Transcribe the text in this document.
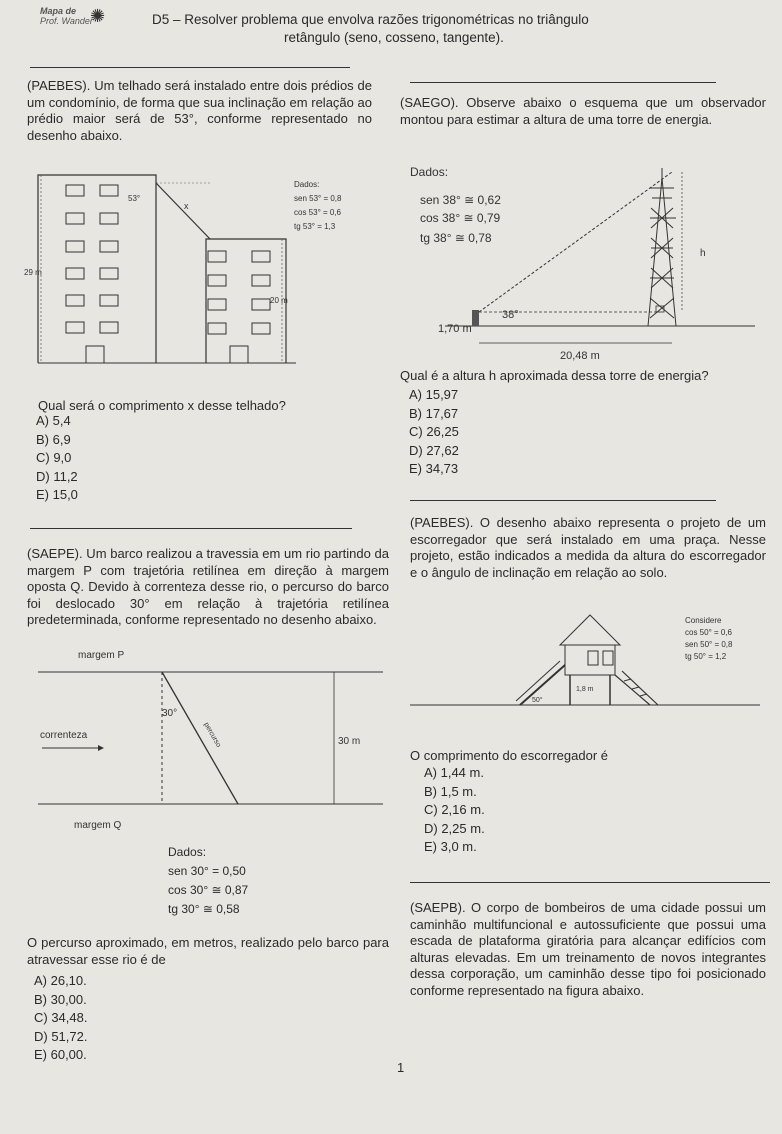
Mapa de
Prof. Wander
✺	D5 – Resolver problema que envolva razões trigonométricas no triângulo
retângulo (seno, cosseno, tangente).
(PAEBES). Um telhado será instalado entre dois prédios de um condomínio, de forma que sua inclinação em relação ao prédio maior será de 53°, conforme representado no desenho abaixo.
53°
x
29 m
20 m
Dados:
sen 53° = 0,8
cos 53° = 0,6
tg 53° = 1,3
Qual será o comprimento x desse telhado?
A) 5,4
B) 6,9
C) 9,0
D) 11,2
E) 15,0
(SAEGO). Observe abaixo o esquema que um observador montou para estimar a altura de uma torre de energia.
Dados:
sen 38° ≅ 0,62
cos 38° ≅ 0,79
tg 38° ≅ 0,78
h
38°
1,70 m
20,48 m
Qual é a altura h aproximada dessa torre de energia?
A) 15,97
B) 17,67
C) 26,25
D) 27,62
E) 34,73
(SAEPE). Um barco realizou a travessia em um rio partindo da margem P com trajetória retilínea em direção à margem oposta Q. Devido à correnteza desse rio, o percurso do barco foi deslocado 30° em relação à trajetória retilínea predeterminada, conforme representado no desenho abaixo.
margem P
30°
percurso
correnteza
30 m
margem Q
Dados:
sen 30° = 0,50
cos 30° ≅ 0,87
tg 30° ≅ 0,58
O percurso aproximado, em metros, realizado pelo barco para atravessar esse rio é de
A) 26,10.
B) 30,00.
C) 34,48.
D) 51,72.
E) 60,00.
(PAEBES). O desenho abaixo representa o projeto de um escorregador que será instalado em uma praça. Nesse projeto, estão indicados a medida da altura do escorregador e o ângulo de inclinação em relação ao solo.
50°
1,8 m
Considere
cos 50° = 0,6
sen 50° = 0,8
tg 50° = 1,2
O comprimento do escorregador é
A) 1,44 m.
B) 1,5 m.
C) 2,16 m.
D) 2,25 m.
E) 3,0 m.
(SAEPB). O corpo de bombeiros de uma cidade possui um caminhão multifuncional e autossuficiente que possui uma escada de plataforma giratória para alcançar edifícios com alturas elevadas. Em um treinamento de novos integrantes dessa corporação, um caminhão desse tipo foi posicionado conforme representado na figura abaixo.
1
